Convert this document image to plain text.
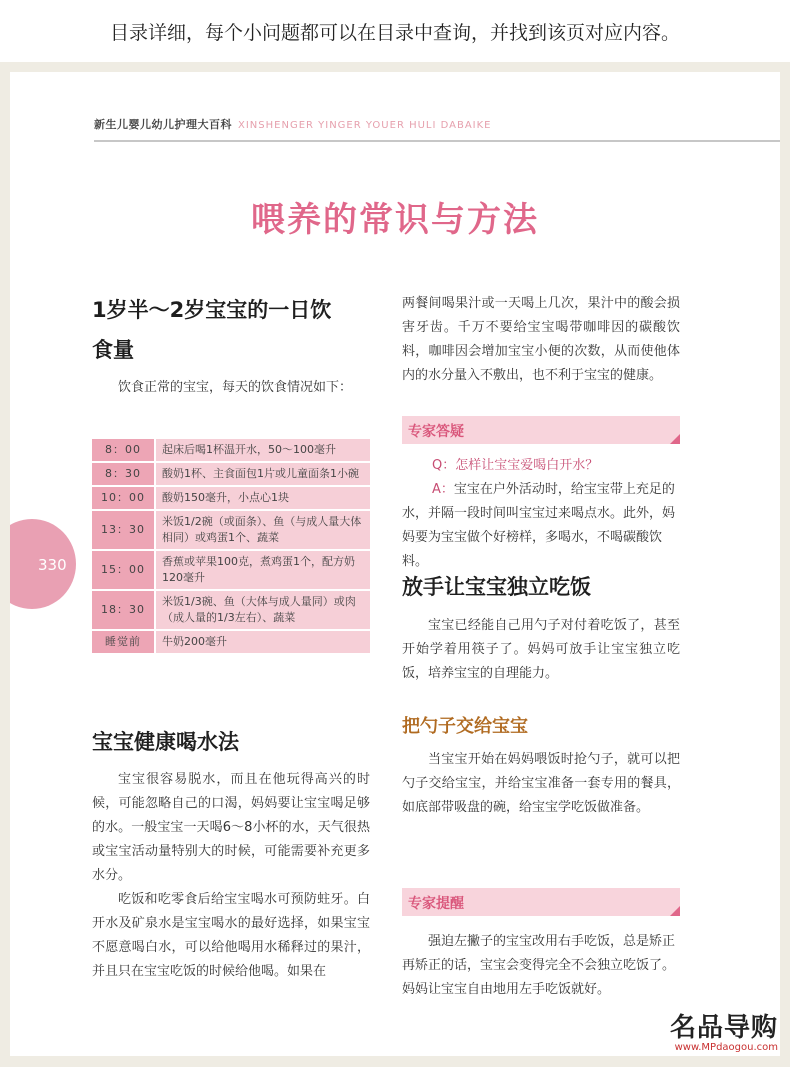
目录详细，每个小问题都可以在目录中查询，并找到该页对应内容。
新生儿婴儿幼儿护理大百科 XINSHENGER YINGER YOUER HULI DABAIKE
喂养的常识与方法
330
1岁半～2岁宝宝的一日饮
食量

饮食正常的宝宝，每天的饮食情况如下：

8：00	起床后喝1杯温开水，50～100毫升
8：30	酸奶1杯、主食面包1片或儿童面条1小碗
10：00	酸奶150毫升，小点心1块
13：30	米饭1/2碗（或面条）、鱼（与成人量大体相同）或鸡蛋1个、蔬菜
15：00	香蕉或苹果100克，煮鸡蛋1个，配方奶120毫升
18：30	米饭1/3碗、鱼（大体与成人量同）或肉（成人量的1/3左右）、蔬菜
睡觉前	牛奶200毫升
宝宝健康喝水法

宝宝很容易脱水，而且在他玩得高兴的时候，可能忽略自己的口渴，妈妈要让宝宝喝足够的水。一般宝宝一天喝6～8小杯的水，天气很热或宝宝活动量特别大的时候，可能需要补充更多水分。

吃饭和吃零食后给宝宝喝水可预防蛀牙。白开水及矿泉水是宝宝喝水的最好选择，如果宝宝不愿意喝白水，可以给他喝用水稀释过的果汁，并且只在宝宝吃饭的时候给他喝。如果在

两餐间喝果汁或一天喝上几次，果汁中的酸会损害牙齿。千万不要给宝宝喝带咖啡因的碳酸饮料，咖啡因会增加宝宝小便的次数，从而使他体内的水分量入不敷出，也不利于宝宝的健康。

专家答疑
Q：怎样让宝宝爱喝白开水？
A：宝宝在户外活动时，给宝宝带上充足的水，并隔一段时间叫宝宝过来喝点水。此外，妈妈要为宝宝做个好榜样，多喝水，不喝碳酸饮料。
放手让宝宝独立吃饭

宝宝已经能自己用勺子对付着吃饭了，甚至开始学着用筷子了。妈妈可放手让宝宝独立吃饭，培养宝宝的自理能力。

把勺子交给宝宝

当宝宝开始在妈妈喂饭时抢勺子，就可以把勺子交给宝宝，并给宝宝准备一套专用的餐具，如底部带吸盘的碗，给宝宝学吃饭做准备。

专家提醒
强迫左撇子的宝宝改用右手吃饭，总是矫正再矫正的话，宝宝会变得完全不会独立吃饭了。妈妈让宝宝自由地用左手吃饭就好。
名品导购
www.MPdaogou.com
